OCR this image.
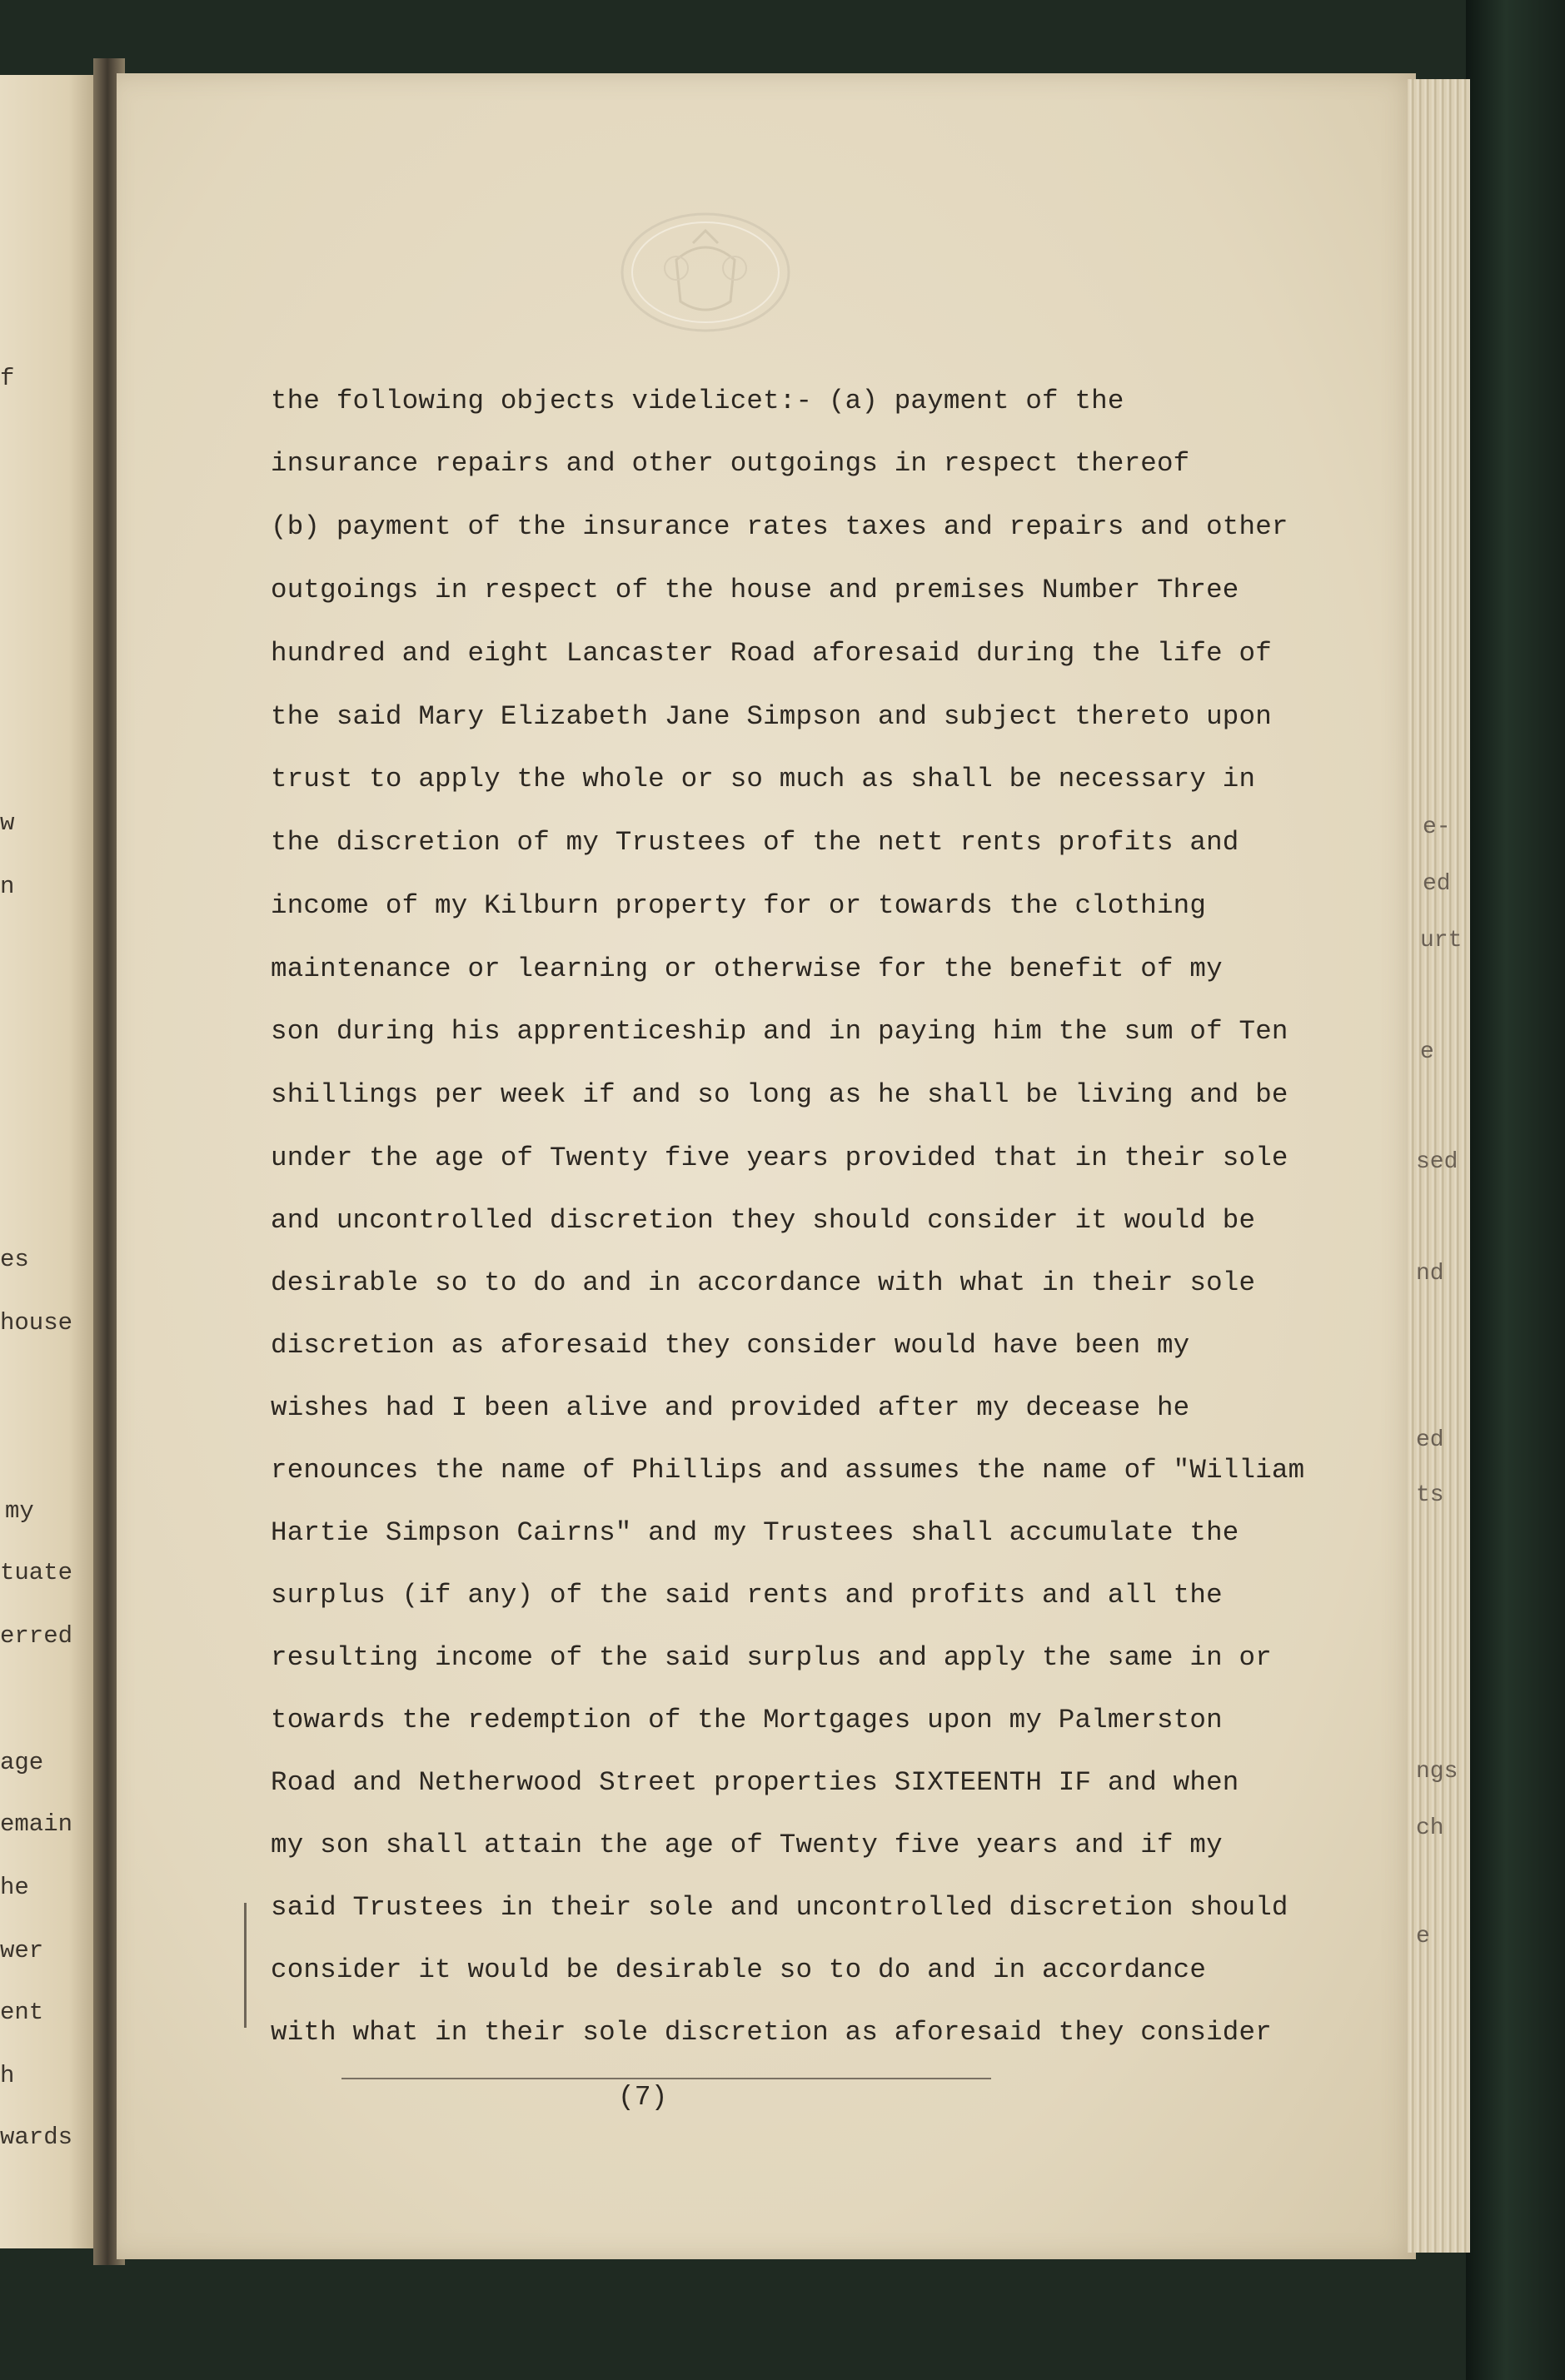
f
w
n
es
house
my
tuate
erred
age
emain
he
wer
ent
h
wards
e-
ed
urt
e
sed
nd
ed
ts
ngs
ch
e
the following objects videlicet:- (a) payment of the
insurance repairs and other outgoings in respect thereof
(b) payment of the insurance rates taxes and repairs and other
outgoings in respect of the house and premises Number Three
hundred and eight Lancaster Road aforesaid during the life of
the said Mary Elizabeth Jane Simpson and subject thereto upon
trust to apply the whole or so much as shall be necessary in
the discretion of my Trustees of the nett rents profits and
income of my Kilburn property for or towards the clothing
maintenance or learning or otherwise for the benefit of my
son during his apprenticeship and in paying him the sum of Ten
shillings per week if and so long as he shall be living and be
under the age of Twenty five years provided that in their sole
and uncontrolled discretion they should consider it would be
desirable so to do and in accordance with what in their sole
discretion as aforesaid they consider would have been my
wishes had I been alive and provided after my decease he
renounces the name of Phillips and assumes the name of "William
Hartie Simpson Cairns" and my Trustees shall accumulate the
surplus (if any) of the said rents and profits and all the
resulting income of the said surplus and apply the same in or
towards the redemption of the Mortgages upon my Palmerston
Road and Netherwood Street properties SIXTEENTH IF and when
my son shall attain the age of Twenty five years and if my
said Trustees in their sole and uncontrolled discretion should
consider it would be desirable so to do and in accordance
with what in their sole discretion as aforesaid they consider
(7)
